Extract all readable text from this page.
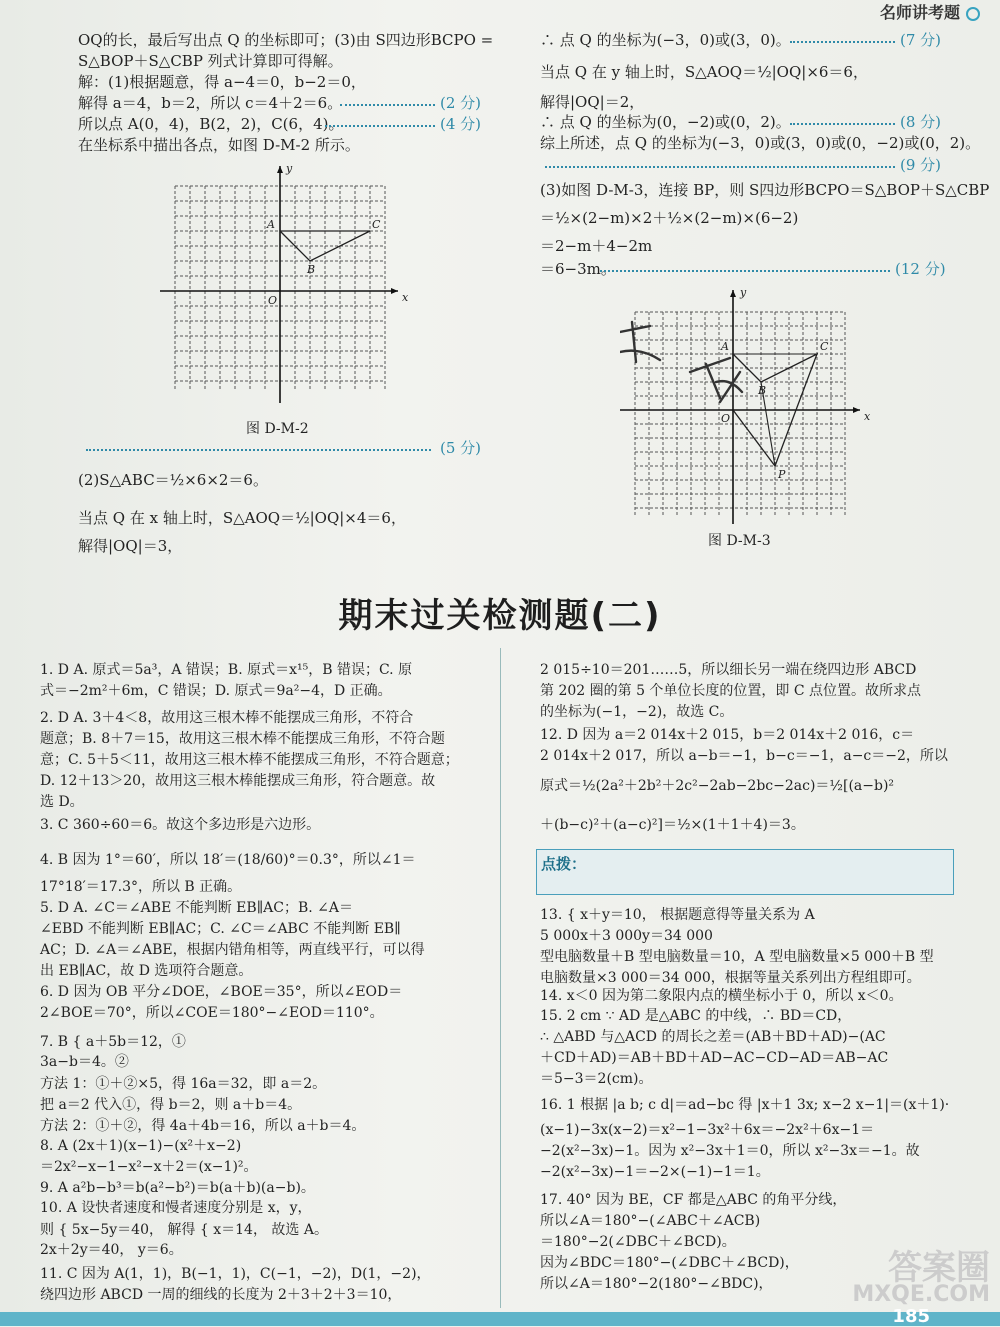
名师讲考题
OQ的长，最后写出点 Q 的坐标即可；(3)由 S四边形BCPO =
S△BOP＋S△CBP 列式计算即可得解。
解：(1)根据题意，得 a−4＝0，b−2＝0，
解得 a＝4，b＝2，所以 c＝4＋2＝6。	(2 分)
所以点 A(0，4)，B(2，2)，C(6，4)。	(4 分)
在坐标系中描出各点，如图 D-M-2 所示。
x
y
A
B
C
O
图 D-M-2
(5 分)
(2)S△ABC＝½×6×2＝6。
当点 Q 在 x 轴上时，S△AOQ＝½|OQ|×4＝6，
解得|OQ|＝3，
∴ 点 Q 的坐标为(−3，0)或(3，0)。	(7 分)
当点 Q 在 y 轴上时，S△AOQ＝½|OQ|×6＝6，
解得|OQ|＝2，
∴ 点 Q 的坐标为(0，−2)或(0，2)。	(8 分)
综上所述，点 Q 的坐标为(−3，0)或(3，0)或(0，−2)或(0，2)。
(9 分)
(3)如图 D-M-3，连接 BP，则 S四边形BCPO＝S△BOP＋S△CBP
＝½×(2−m)×2＋½×(2−m)×(6−2)
＝2−m＋4−2m
＝6−3m。	(12 分)
x
y
A
B
C
P
O
图 D-M-3
期末过关检测题(二)
1. D A. 原式＝5a³，A 错误；B. 原式＝x¹⁵，B 错误；C. 原
式＝−2m²＋6m，C 错误；D. 原式＝9a²−4，D 正确。
2. D A. 3＋4＜8，故用这三根木棒不能摆成三角形，不符合
题意；B. 8＋7＝15，故用这三根木棒不能摆成三角形，不符合题
意；C. 5＋5＜11，故用这三根木棒不能摆成三角形，不符合题意；
D. 12＋13＞20，故用这三根木棒能摆成三角形，符合题意。故
选 D。
3. C 360÷60＝6。故这个多边形是六边形。
4. B 因为 1°＝60′，所以 18′＝(18/60)°＝0.3°，所以∠1＝
17°18′＝17.3°，所以 B 正确。
5. D A. ∠C＝∠ABE 不能判断 EB∥AC；B. ∠A＝
∠EBD 不能判断 EB∥AC；C. ∠C＝∠ABC 不能判断 EB∥
AC；D. ∠A＝∠ABE，根据内错角相等，两直线平行，可以得
出 EB∥AC，故 D 选项符合题意。
6. D 因为 OB 平分∠DOE，∠BOE＝35°，所以∠EOD＝
2∠BOE＝70°，所以∠COE＝180°−∠EOD＝110°。
7. B { a＋5b＝12，①
3a−b＝4。②
方法 1：①＋②×5，得 16a＝32，即 a＝2。
把 a＝2 代入①，得 b＝2，则 a＋b＝4。
方法 2：①＋②，得 4a＋4b＝16，所以 a＋b＝4。
8. A (2x＋1)(x−1)−(x²＋x−2)
＝2x²−x−1−x²−x＋2＝(x−1)²。
9. A a²b−b³＝b(a²−b²)＝b(a＋b)(a−b)。
10. A 设快者速度和慢者速度分别是 x，y，
则 { 5x−5y＝40， 解得 { x＝14， 故选 A。
2x＋2y＝40， y＝6。
11. C 因为 A(1，1)，B(−1，1)，C(−1，−2)，D(1，−2)，
绕四边形 ABCD 一周的细线的长度为 2＋3＋2＋3＝10，
2 015÷10＝201……5，所以细长另一端在绕四边形 ABCD
第 202 圈的第 5 个单位长度的位置，即 C 点位置。故所求点
的坐标为(−1，−2)，故选 C。
12. D 因为 a＝2 014x＋2 015，b＝2 014x＋2 016，c＝
2 014x＋2 017，所以 a−b＝−1，b−c＝−1，a−c＝−2，所以
原式＝½(2a²＋2b²＋2c²−2ab−2bc−2ac)＝½[(a−b)²
＋(b−c)²＋(a−c)²]＝½×(1＋1＋4)＝3。
13. { x＋y＝10， 根据题意得等量关系为 A
5 000x＋3 000y＝34 000
型电脑数量＋B 型电脑数量＝10，A 型电脑数量×5 000＋B 型
电脑数量×3 000＝34 000，根据等量关系列出方程组即可。
14. x＜0 因为第二象限内点的横坐标小于 0，所以 x＜0。
15. 2 cm ∵ AD 是△ABC 的中线，∴ BD＝CD，
∴ △ABD 与△ACD 的周长之差＝(AB＋BD＋AD)−(AC
＋CD＋AD)＝AB＋BD＋AD−AC−CD−AD＝AB−AC
＝5−3＝2(cm)。
16. 1 根据 |a b; c d|＝ad−bc 得 |x＋1 3x; x−2 x−1|＝(x＋1)·
(x−1)−3x(x−2)＝x²−1−3x²＋6x＝−2x²＋6x−1＝
−2(x²−3x)−1。因为 x²−3x＋1＝0，所以 x²−3x＝−1。故
−2(x²−3x)−1＝−2×(−1)−1＝1。
17. 40° 因为 BE，CF 都是△ABC 的角平分线，
所以∠A＝180°−(∠ABC＋∠ACB)
＝180°−2(∠DBC＋∠BCD)。
因为∠BDC＝180°−(∠DBC＋∠BCD)，
所以∠A＝180°−2(180°−∠BDC)，
点拨：
185
答案圈
MXQE.COM
